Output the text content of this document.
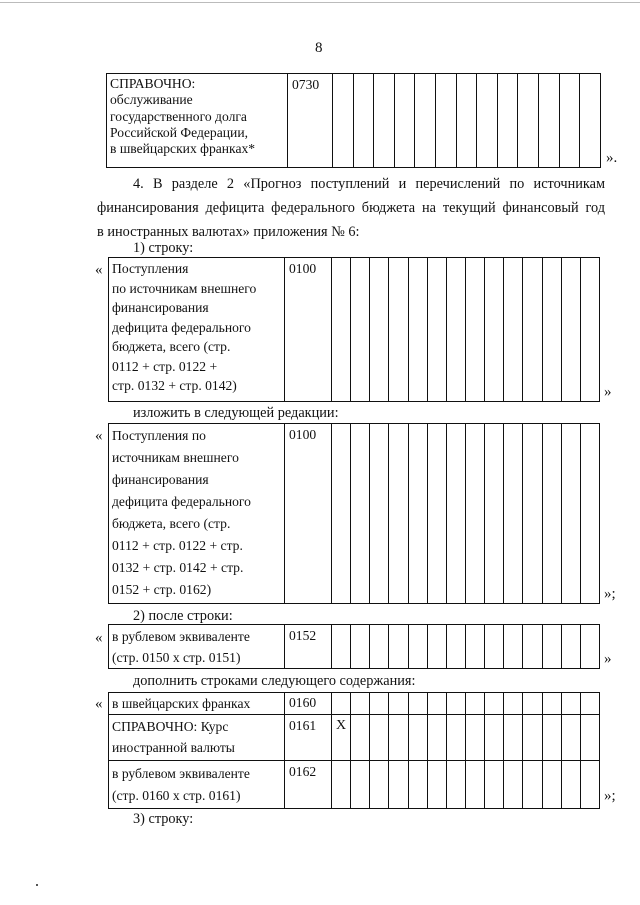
8
СПРАВОЧНО:
обслуживание
государственного долга
Российской Федерации,
в швейцарских франках*
	0730													
».
4. В разделе 2 «Прогноз поступлений и перечислений по источникам
финансирования дефицита федерального бюджета на текущий финансовый год
в иностранных валютах» приложения № 6:
1) строку:
« Поступления
по источникам внешнего
финансирования
дефицита федерального
бюджета, всего (стр.
0112 + стр. 0122 +
стр. 0132 + стр. 0142)
	0100														
»
изложить в следующей редакции:
« Поступления по
источникам внешнего
финансирования
дефицита федерального
бюджета, всего (стр.
0112 + стр. 0122 + стр.
0132 + стр. 0142 + стр.
0152 + стр. 0162)
	0100														
»;
2) после строки:
« в рублевом эквиваленте
(стр. 0150 х стр. 0151)
	0152														
»
дополнить строками следующего содержания:
« в швейцарских франках	0160														

СПРАВОЧНО: Курс
иностранной валюты	0161	Х													

в рублевом эквиваленте
(стр. 0160 х стр. 0161)	0162														
»;
3) строку:
